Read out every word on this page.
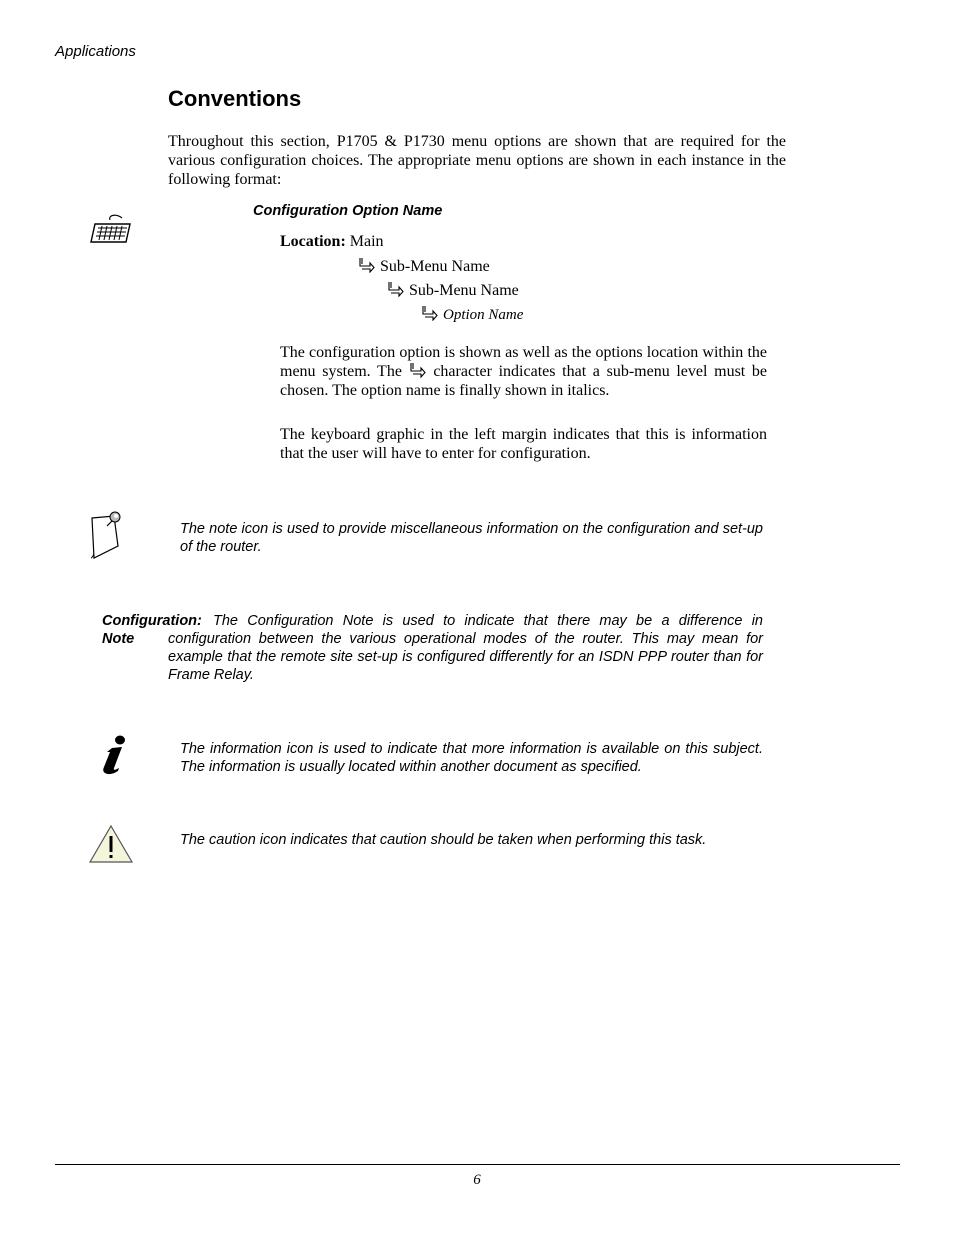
Applications
Conventions

Throughout this section, P1705 & P1730 menu options are shown that are required for the various configuration choices. The appropriate menu options are shown in each instance in the following format:

Configuration Option Name
Location: Main
Sub-Menu Name
Sub-Menu Name
Option Name
The configuration option is shown as well as the options location within the menu system. The character indicates that a sub-menu level must be chosen. The option name is finally shown in italics.

The keyboard graphic in the left margin indicates that this is information that the user will have to enter for configuration.

The note icon is used to provide miscellaneous information on the configuration and set-up of the router.

Configuration:
Note

The Configuration Note is used to indicate that there may be a difference in

configuration between the various operational modes of the router. This may mean for example that the remote site set-up is configured differently for an ISDN PPP router than for Frame Relay.

The information icon is used to indicate that more information is available on this subject. The information is usually located within another document as specified.

The caution icon indicates that caution should be taken when performing this task.

6
